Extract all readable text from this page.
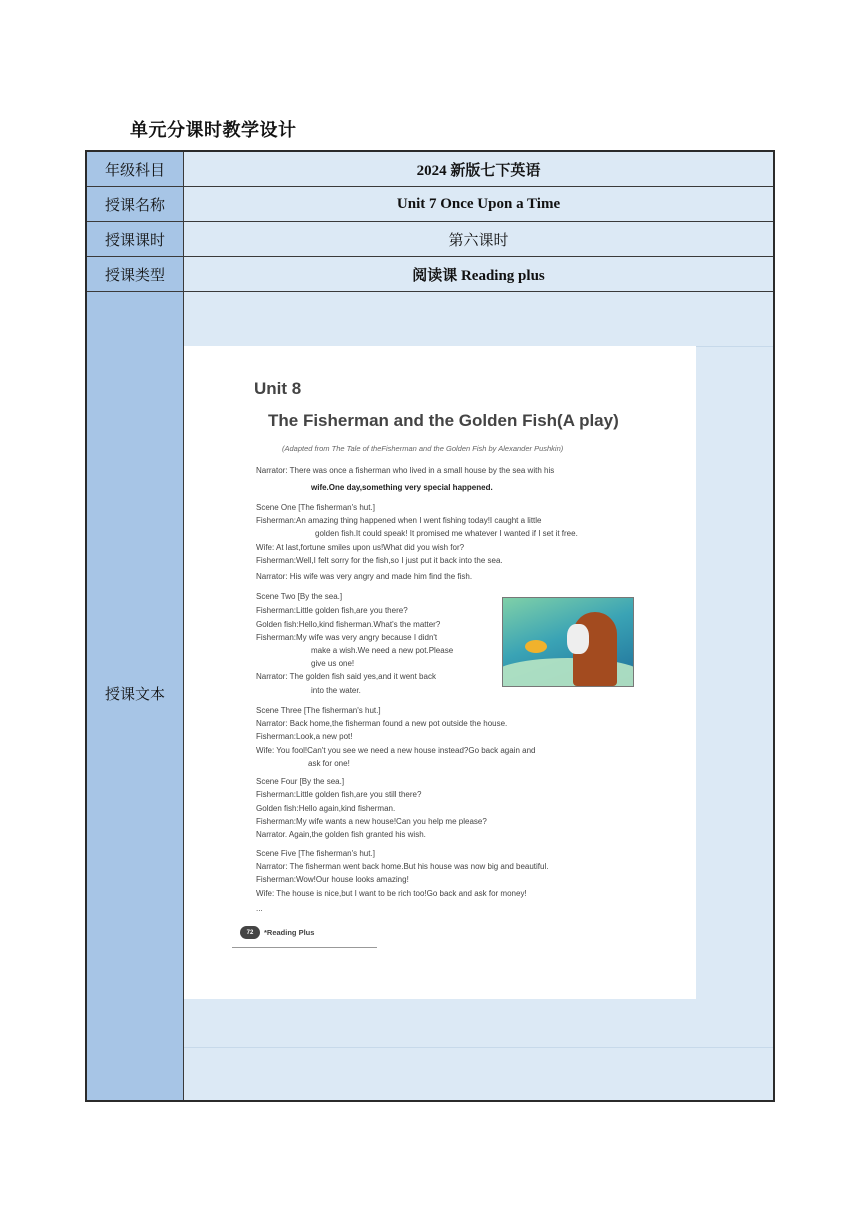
单元分课时教学设计
年级科目	2024 新版七下英语
授课名称	Unit 7 Once Upon a Time
授课课时	第六课时
授课类型	阅读课 Reading plus
授课文本
Unit 8
The Fisherman and the Golden Fish(A play)
(Adapted from The Tale of theFisherman and the Golden Fish by Alexander Pushkin)
Narrator: There was once a fisherman who lived in a small house by the sea with his
wife.One day,something very special happened.
Scene One [The fisherman's hut.]
Fisherman:An amazing thing happened when I went fishing today!I caught a little
golden fish.It could speak! It promised me whatever I wanted if I set it free.
Wife: At last,fortune smiles upon us!What did you wish for?
Fisherman:Well,I felt sorry for the fish,so I just put it back into the sea.
Narrator: His wife was very angry and made him find the fish.
Scene Two [By the sea.]
Fisherman:Little golden fish,are you there?
Golden fish:Hello,kind fisherman.What's the matter?
Fisherman:My wife was very angry because I didn't
make a wish.We need a new pot.Please
give us one!
Narrator: The golden fish said yes,and it went back
into the water.
Scene Three [The fisherman's hut.]
Narrator: Back home,the fisherman found a new pot outside the house.
Fisherman:Look,a new pot!
Wife: You fool!Can't you see we need a new house instead?Go back again and
ask for one!
Scene Four [By the sea.]
Fisherman:Little golden fish,are you still there?
Golden fish:Hello again,kind fisherman.
Fisherman:My wife wants a new house!Can you help me please?
Narrator. Again,the golden fish granted his wish.
Scene Five [The fisherman's hut.]
Narrator: The fisherman went back home.But his house was now big and beautiful.
Fisherman:Wow!Our house looks amazing!
Wife: The house is nice,but I want to be rich too!Go back and ask for money!
...
72	*Reading Plus
